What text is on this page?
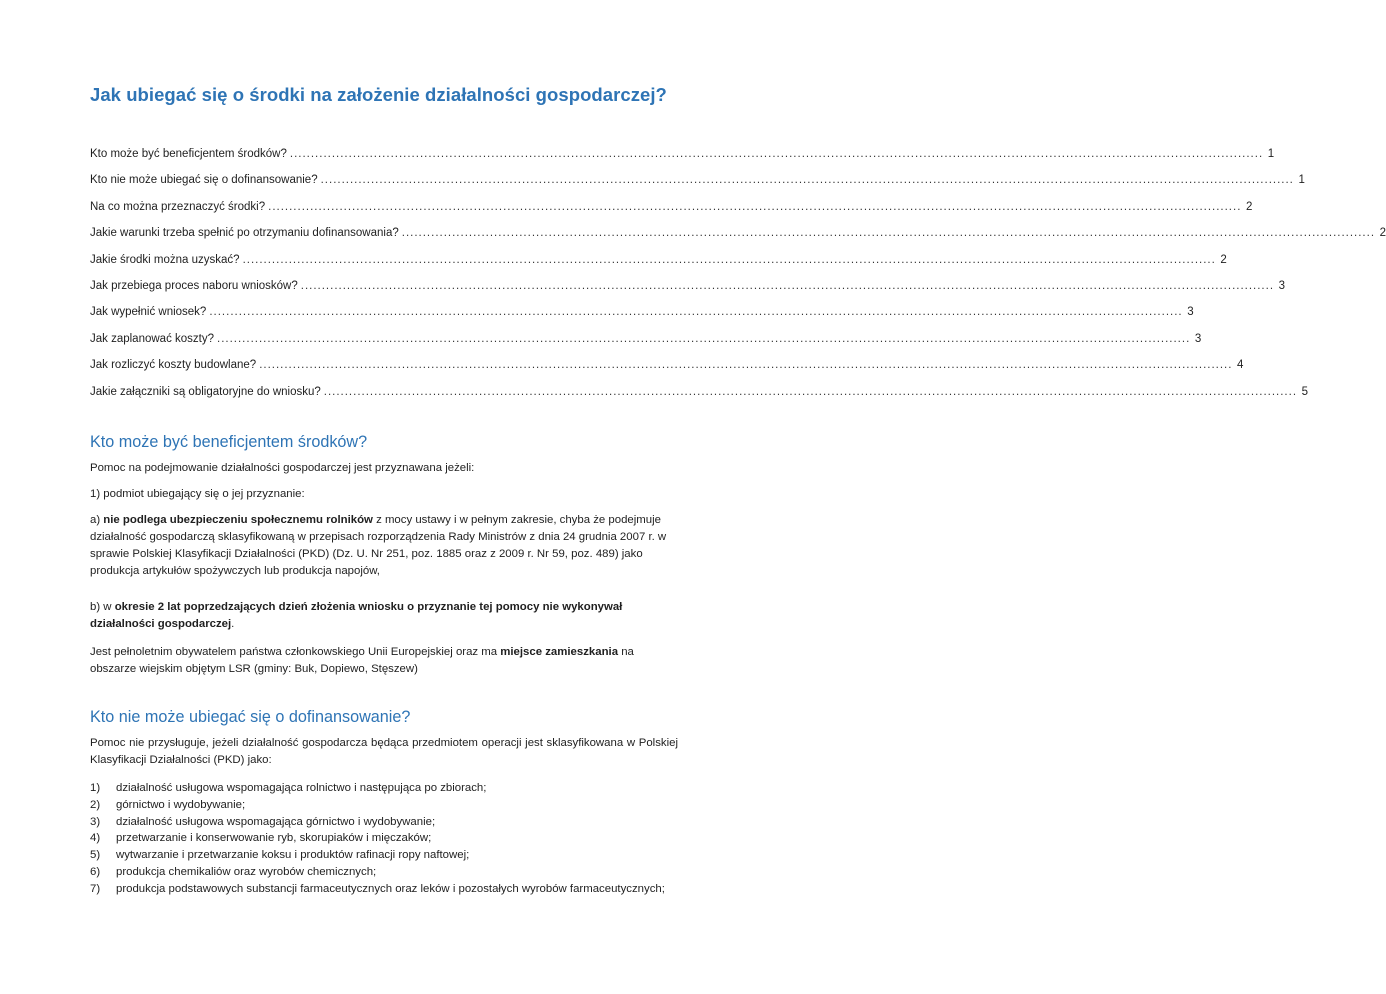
Jak ubiegać się o środki na założenie działalności gospodarczej?
Kto może być beneficjentem środków? ........................................................................................................................................................................................................................................ 1
Kto nie może ubiegać się o dofinansowanie? ........................................................................................................................................................................................................................................ 1
Na co można przeznaczyć środki? ........................................................................................................................................................................................................................................ 2
Jakie warunki trzeba spełnić po otrzymaniu dofinansowania? ........................................................................................................................................................................................................................................ 2
Jakie środki można uzyskać? ........................................................................................................................................................................................................................................ 2
Jak przebiega proces naboru wniosków? ........................................................................................................................................................................................................................................ 3
Jak wypełnić wniosek? ........................................................................................................................................................................................................................................ 3
Jak zaplanować koszty? ........................................................................................................................................................................................................................................ 3
Jak rozliczyć koszty budowlane? ........................................................................................................................................................................................................................................ 4
Jakie załączniki są obligatoryjne do wniosku? ........................................................................................................................................................................................................................................ 5
Kto może być beneficjentem środków?

Pomoc na podejmowanie działalności gospodarczej jest przyznawana jeżeli:

1) podmiot ubiegający się o jej przyznanie:

a) nie podlega ubezpieczeniu społecznemu rolników z mocy ustawy i w pełnym zakresie, chyba że podejmuje działalność gospodarczą sklasyfikowaną w przepisach rozporządzenia Rady Ministrów z dnia 24 grudnia 2007 r. w sprawie Polskiej Klasyfikacji Działalności (PKD) (Dz. U. Nr 251, poz. 1885 oraz z 2009 r. Nr 59, poz. 489) jako produkcja artykułów spożywczych lub produkcja napojów,

b) w okresie 2 lat poprzedzających dzień złożenia wniosku o przyznanie tej pomocy nie wykonywał działalności gospodarczej.

Jest pełnoletnim obywatelem państwa członkowskiego Unii Europejskiej oraz ma miejsce zamieszkania na obszarze wiejskim objętym LSR (gminy: Buk, Dopiewo, Stęszew)

Kto nie może ubiegać się o dofinansowanie?

Pomoc nie przysługuje, jeżeli działalność gospodarcza będąca przedmiotem operacji jest sklasyfikowana w Polskiej Klasyfikacji Działalności (PKD) jako:

1)	działalność usługowa wspomagająca rolnictwo i następująca po zbiorach;
2)	górnictwo i wydobywanie;
3)	działalność usługowa wspomagająca górnictwo i wydobywanie;
4)	przetwarzanie i konserwowanie ryb, skorupiaków i mięczaków;
5)	wytwarzanie i przetwarzanie koksu i produktów rafinacji ropy naftowej;
6)	produkcja chemikaliów oraz wyrobów chemicznych;
7)	produkcja podstawowych substancji farmaceutycznych oraz leków i pozostałych wyrobów farmaceutycznych;
